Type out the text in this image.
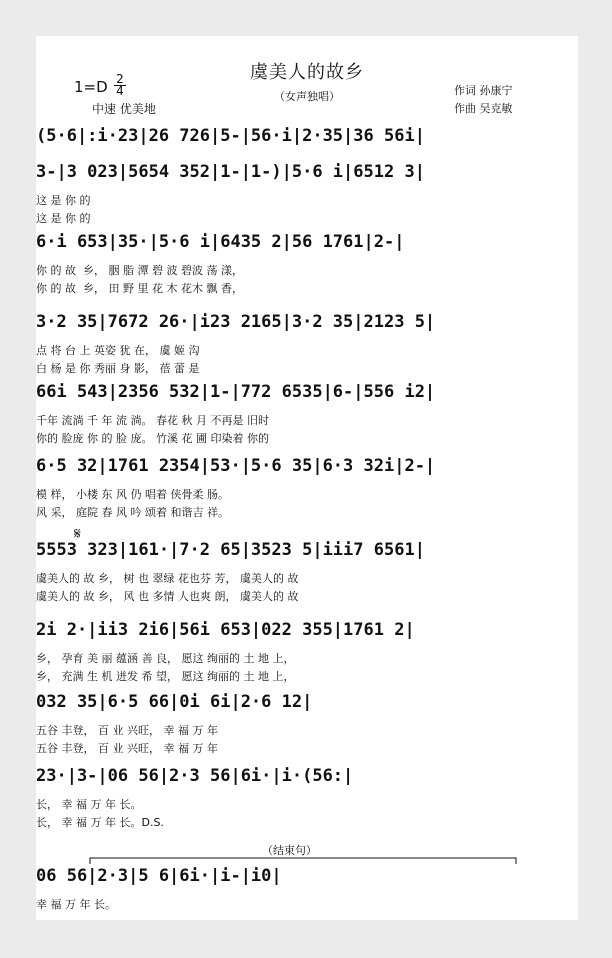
虞美人的故乡
（女声独唱）
$1=D \frac{2}{4}$
中速 优美地
作词 孙康宁
作曲 吴克敏
(5·6|:i·23|26 726|5-|56·i|2·35|36 56i|
3-|3 023|5654 352|1-|1-)|5·6 i|6512 3|
这 是 你 的
这 是 你 的
6·i 653|35·|5·6 i|6435 2|56 1761|2-|
你 的 故  乡， 胭 脂 潭 碧 波 碧波 荡 漾，
你 的 故  乡， 田 野 里 花 木 花木 飘 香，
3·2 35|7672 26·|i23 2165|3·2 35|2123 5|
点 将 台 上 英姿 犹 在， 虞 姬 沟
白 杨 是 你 秀丽 身 影， 蓓 蕾 是
66i 543|2356 532|1-|772 6535|6-|556 i2|
千年 流淌 千 年 流 淌。 春花 秋 月 不再是 旧时
你的 脸庞 你 的 脸 庞。 竹溪 花 圃 印染着 你的
6·5 32|1761 2354|53·|5·6 35|6·3 32i|2-|
模 样， 小楼 东 风 仍 唱着 侠骨柔 肠。
风 采， 庭院 春 风 吟 颂着 和谐吉 祥。
5553 323|161·|7·2 65|3523 5|iii7 6561|
虞美人的 故 乡， 树 也 翠绿 花也芬 芳， 虞美人的 故
虞美人的 故 乡， 风 也 多情 人也爽 朗， 虞美人的 故
2i 2·|ii3 2i6|56i 653|022 355|1761 2|
乡， 孕育 美 丽 蕴涵 善 良， 愿这 绚丽的 土 地 上，
乡， 充满 生 机 迸发 希 望， 愿这 绚丽的 土 地 上，
032 35|6·5 66|0i 6i|2·6 12|
五谷 丰登， 百 业 兴旺， 幸 福 万 年
五谷 丰登， 百 业 兴旺， 幸 福 万 年
23·|3-|06 56|2·3 56|6i·|i·(56:|
长， 幸 福 万 年 长。
长， 幸 福 万 年 长。D.S.
06 56|2·3|5 6|6i·|i-|i0|
幸 福 万 年 长。
𝄋
（结束句）
